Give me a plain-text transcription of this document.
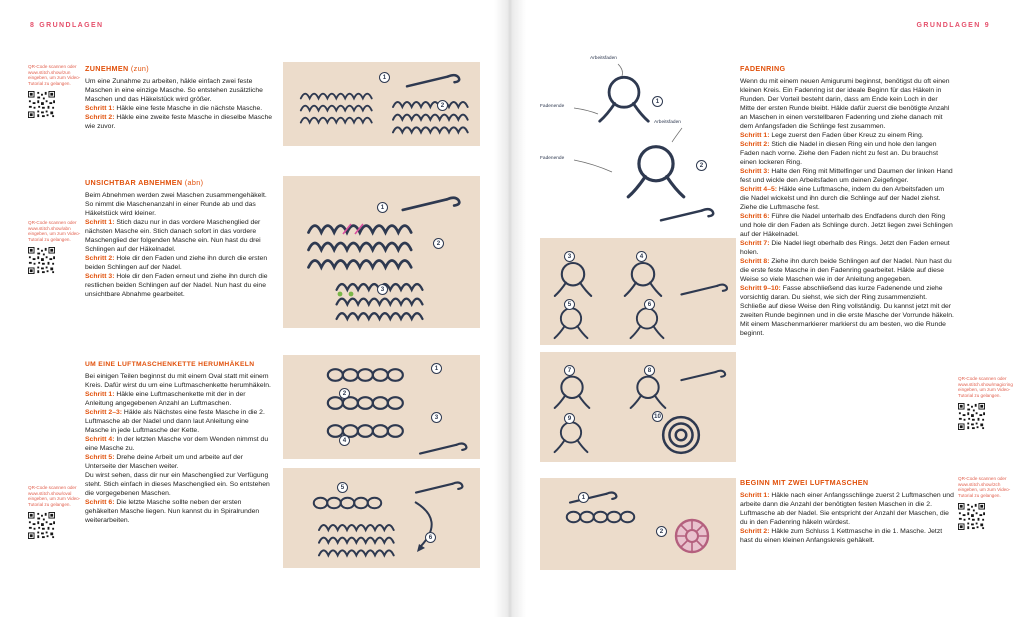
8 GRUNDLAGEN	GRUNDLAGEN 9

QR-Code scannen oder www.stitch.show/zun eingeben, um zum Video-Tutorial zu gelangen.

ZUNEHMEN (zun)

Um eine Zunahme zu arbeiten, häkle einfach zwei feste Maschen in eine einzige Masche. So entstehen zusätzliche Maschen und das Häkelstück wird größer.

Schritt 1: Häkle eine feste Masche in die nächste Masche.

Schritt 2: Häkle eine zweite feste Masche in dieselbe Masche wie zuvor.

1
2

QR-Code scannen oder www.stitch.show/abn eingeben, um zum Video-Tutorial zu gelangen.

UNSICHTBAR ABNEHMEN (abn)

Beim Abnehmen werden zwei Maschen zusammengehäkelt. So nimmt die Maschenanzahl in einer Runde ab und das Häkelstück wird kleiner.

Schritt 1: Stich dazu nur in das vordere Maschenglied der nächsten Masche ein. Stich danach sofort in das vordere Maschenglied der folgenden Masche ein. Nun hast du drei Schlingen auf der Häkelnadel.

Schritt 2: Hole dir den Faden und ziehe ihn durch die ersten beiden Schlingen auf der Nadel.

Schritt 3: Hole dir den Faden erneut und ziehe ihn durch die restlichen beiden Schlingen auf der Nadel. Nun hast du eine unsichtbare Abnahme gearbeitet.

1
2
3

QR-Code scannen oder www.stitch.show/oval eingeben, um zum Video-Tutorial zu gelangen.

UM EINE LUFTMASCHENKETTE HERUMHÄKELN

Bei einigen Teilen beginnst du mit einem Oval statt mit einem Kreis. Dafür wirst du um eine Luftmaschenkette herumhäkeln.

Schritt 1: Häkle eine Luftmaschenkette mit der in der Anleitung angegebenen Anzahl an Luftmaschen.

Schritt 2–3: Häkle als Nächstes eine feste Masche in die 2. Luftmasche ab der Nadel und dann laut Anleitung eine Masche in jede Luftmasche der Kette.

Schritt 4: In der letzten Masche vor dem Wenden nimmst du eine Masche zu.

Schritt 5: Drehe deine Arbeit um und arbeite auf der Unterseite der Maschen weiter.

Du wirst sehen, dass dir nur ein Maschenglied zur Verfügung steht. Stich einfach in dieses Maschenglied ein. So entstehen die vorgegebenen Maschen.

Schritt 6: Die letzte Masche sollte neben der ersten gehäkelten Masche liegen. Nun kannst du in Spiralrunden weiterarbeiten.

1
2
3
4
5
6
Arbeitsfaden
Fadenende
Arbeitsfaden
Fadenende
1
2
3	4
5	6
7	8
9	10
FADENRING

Wenn du mit einem neuen Amigurumi beginnst, benötigst du oft einen kleinen Kreis. Ein Fadenring ist der ideale Beginn für das Häkeln in Runden. Der Vorteil besteht darin, dass am Ende kein Loch in der Mitte der ersten Runde bleibt. Häkle dafür zuerst die benötigte Anzahl an Maschen in einen verstellbaren Fadenring und ziehe danach mit dem Anfangsfaden die Schlinge fest zusammen.

Schritt 1: Lege zuerst den Faden über Kreuz zu einem Ring.

Schritt 2: Stich die Nadel in diesen Ring ein und hole den langen Faden nach vorne. Ziehe den Faden nicht zu fest an. Du brauchst einen lockeren Ring.

Schritt 3: Halte den Ring mit Mittelfinger und Daumen der linken Hand fest und wickle den Arbeitsfaden um deinen Zeigefinger.

Schritt 4–5: Häkle eine Luftmasche, indem du den Arbeitsfaden um die Nadel wickelst und ihn durch die Schlinge auf der Nadel ziehst. Ziehe die Luftmasche fest.

Schritt 6: Führe die Nadel unterhalb des Endfadens durch den Ring und hole dir den Faden als Schlinge durch. Jetzt liegen zwei Schlingen auf der Häkelnadel.

Schritt 7: Die Nadel liegt oberhalb des Rings. Jetzt den Faden erneut holen.

Schritt 8: Ziehe ihn durch beide Schlingen auf der Nadel. Nun hast du die erste feste Masche in den Fadenring gearbeitet. Häkle auf diese Weise so viele Maschen wie in der Anleitung angegeben.

Schritt 9–10: Fasse abschließend das kurze Fadenende und ziehe vorsichtig daran. Du siehst, wie sich der Ring zusammenzieht. Schließe auf diese Weise den Ring vollständig. Du kannst jetzt mit der zweiten Runde beginnen und in die erste Masche der Vorrunde häkeln.

Mit einem Maschenmarkierer markierst du am besten, wo die Runde beginnt.

QR-Code scannen oder www.stitch.show/magicring eingeben, um zum Video-Tutorial zu gelangen.

1
2
BEGINN MIT ZWEI LUFTMASCHEN

Schritt 1: Häkle nach einer Anfangsschlinge zuerst 2 Luftmaschen und arbeite dann die Anzahl der benötigten festen Maschen in die 2. Luftmasche ab der Nadel. Sie entspricht der Anzahl der Maschen, die du in den Fadenring häkeln würdest.

Schritt 2: Häkle zum Schluss 1 Kettmasche in die 1. Masche. Jetzt hast du einen kleinen Anfangskreis gehäkelt.

QR-Code scannen oder www.stitch.show/2ch eingeben, um zum Video-Tutorial zu gelangen.
